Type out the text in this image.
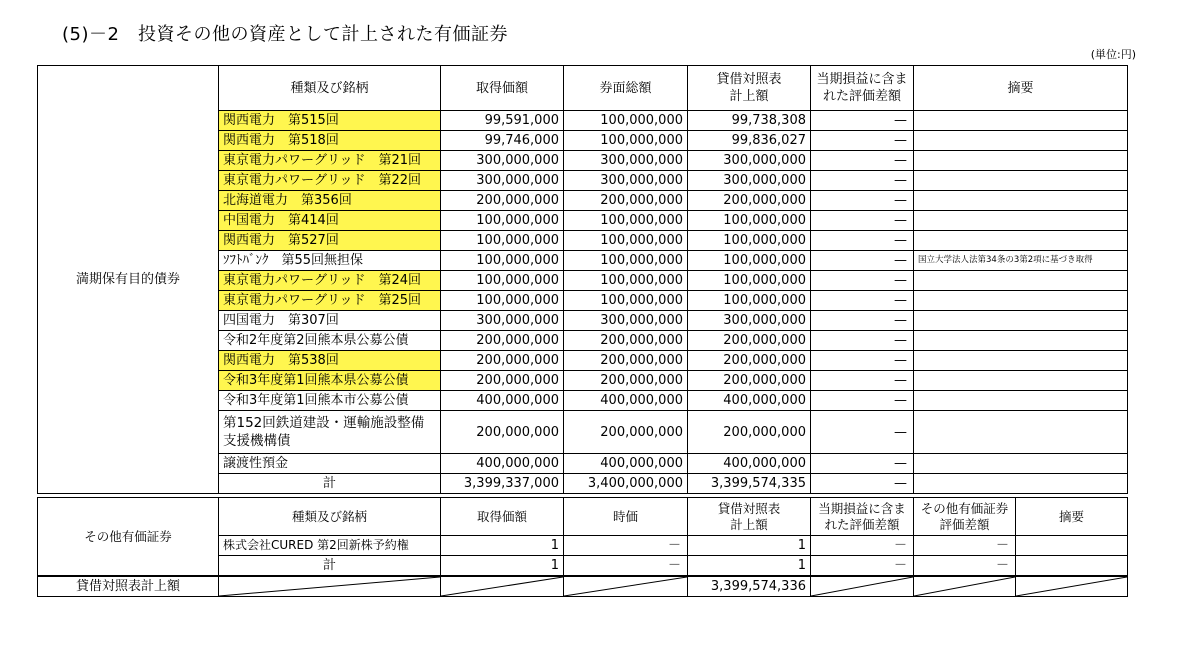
(5)－2　投資その他の資産として計上された有価証券
(単位:円)
満期保有目的債券	種類及び銘柄	取得価額	券面総額	貸借対照表
計上額	当期損益に含まれた評価差額	摘要	
	関西電力　第515回	99,591,000	100,000,000	99,738,308	—		
	関西電力　第518回	99,746,000	100,000,000	99,836,027	—		
	東京電力パワーグリッド　第21回	300,000,000	300,000,000	300,000,000	—		
	東京電力パワーグリッド　第22回	300,000,000	300,000,000	300,000,000	—		
	北海道電力　第356回	200,000,000	200,000,000	200,000,000	—		
	中国電力　第414回	100,000,000	100,000,000	100,000,000	—		
	関西電力　第527回	100,000,000	100,000,000	100,000,000	—		
	ｿﾌﾄﾊﾞﾝｸ　第55回無担保	100,000,000	100,000,000	100,000,000	—	国立大学法人法第34条の3第2項に基づき取得	
	東京電力パワーグリッド　第24回	100,000,000	100,000,000	100,000,000	—		
	東京電力パワーグリッド　第25回	100,000,000	100,000,000	100,000,000	—		
	四国電力　第307回	300,000,000	300,000,000	300,000,000	—		
	令和2年度第2回熊本県公募公債	200,000,000	200,000,000	200,000,000	—		
	関西電力　第538回	200,000,000	200,000,000	200,000,000	—		
	令和3年度第1回熊本県公募公債	200,000,000	200,000,000	200,000,000	—		
	令和3年度第1回熊本市公募公債	400,000,000	400,000,000	400,000,000	—		
	第152回鉄道建設・運輸施設整備支援機構債	200,000,000	200,000,000	200,000,000	—		
	譲渡性預金	400,000,000	400,000,000	400,000,000	—		
	計	3,399,337,000	3,400,000,000	3,399,574,335	—		

その他有価証券	種類及び銘柄	取得価額	時価	貸借対照表
計上額	当期損益に含まれた評価差額	その他有価証券評価差額	摘要
	株式会社CURED 第2回新株予約権	1	－	1	－	－	
	計	1	－	1	－	－	
貸借対照表計上額				3,399,574,336	
